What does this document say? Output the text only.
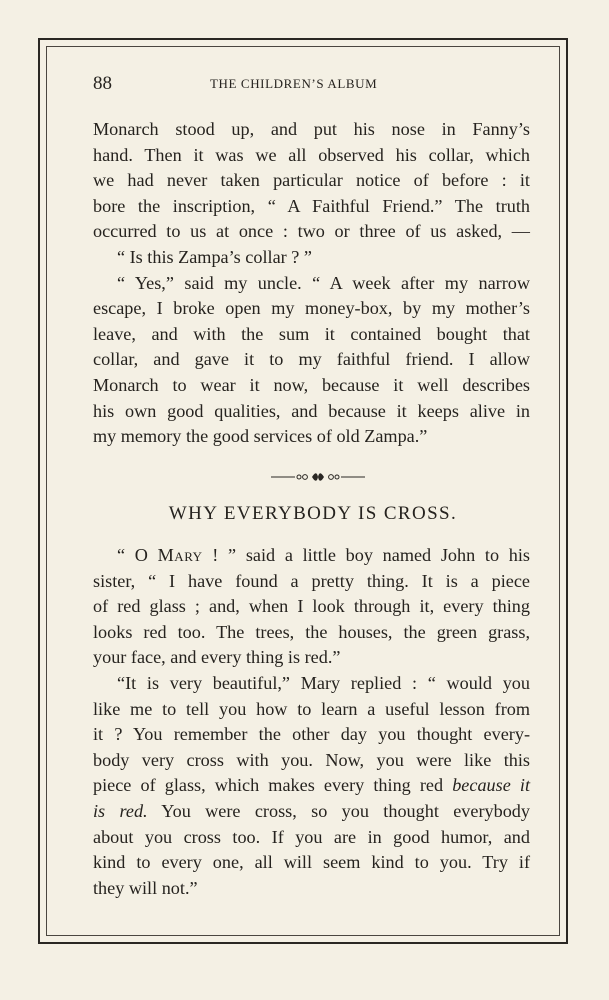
88	THE CHILDREN’S ALBUM
Monarch stood up, and put his nose in Fanny’s
hand. Then it was we all observed his collar, which
we had never taken particular notice of before : it
bore the inscription, “ A Faithful Friend.” The truth
occurred to us at once : two or three of us asked, —
“ Is this Zampa’s collar ? ”
“ Yes,” said my uncle. “ A week after my narrow
escape, I broke open my money-box, by my mother’s
leave, and with the sum it contained bought that
collar, and gave it to my faithful friend. I allow
Monarch to wear it now, because it well describes
his own good qualities, and because it keeps alive in
my memory the good services of old Zampa.”
WHY EVERYBODY IS CROSS.
“ O Mary ! ” said a little boy named John to his
sister, “ I have found a pretty thing. It is a piece
of red glass ; and, when I look through it, every thing
looks red too. The trees, the houses, the green grass,
your face, and every thing is red.”
“It is very beautiful,” Mary replied : “ would you
like me to tell you how to learn a useful lesson from
it ? You remember the other day you thought every-
body very cross with you. Now, you were like this
piece of glass, which makes every thing red because it
is red. You were cross, so you thought everybody
about you cross too. If you are in good humor, and
kind to every one, all will seem kind to you. Try if
they will not.”
